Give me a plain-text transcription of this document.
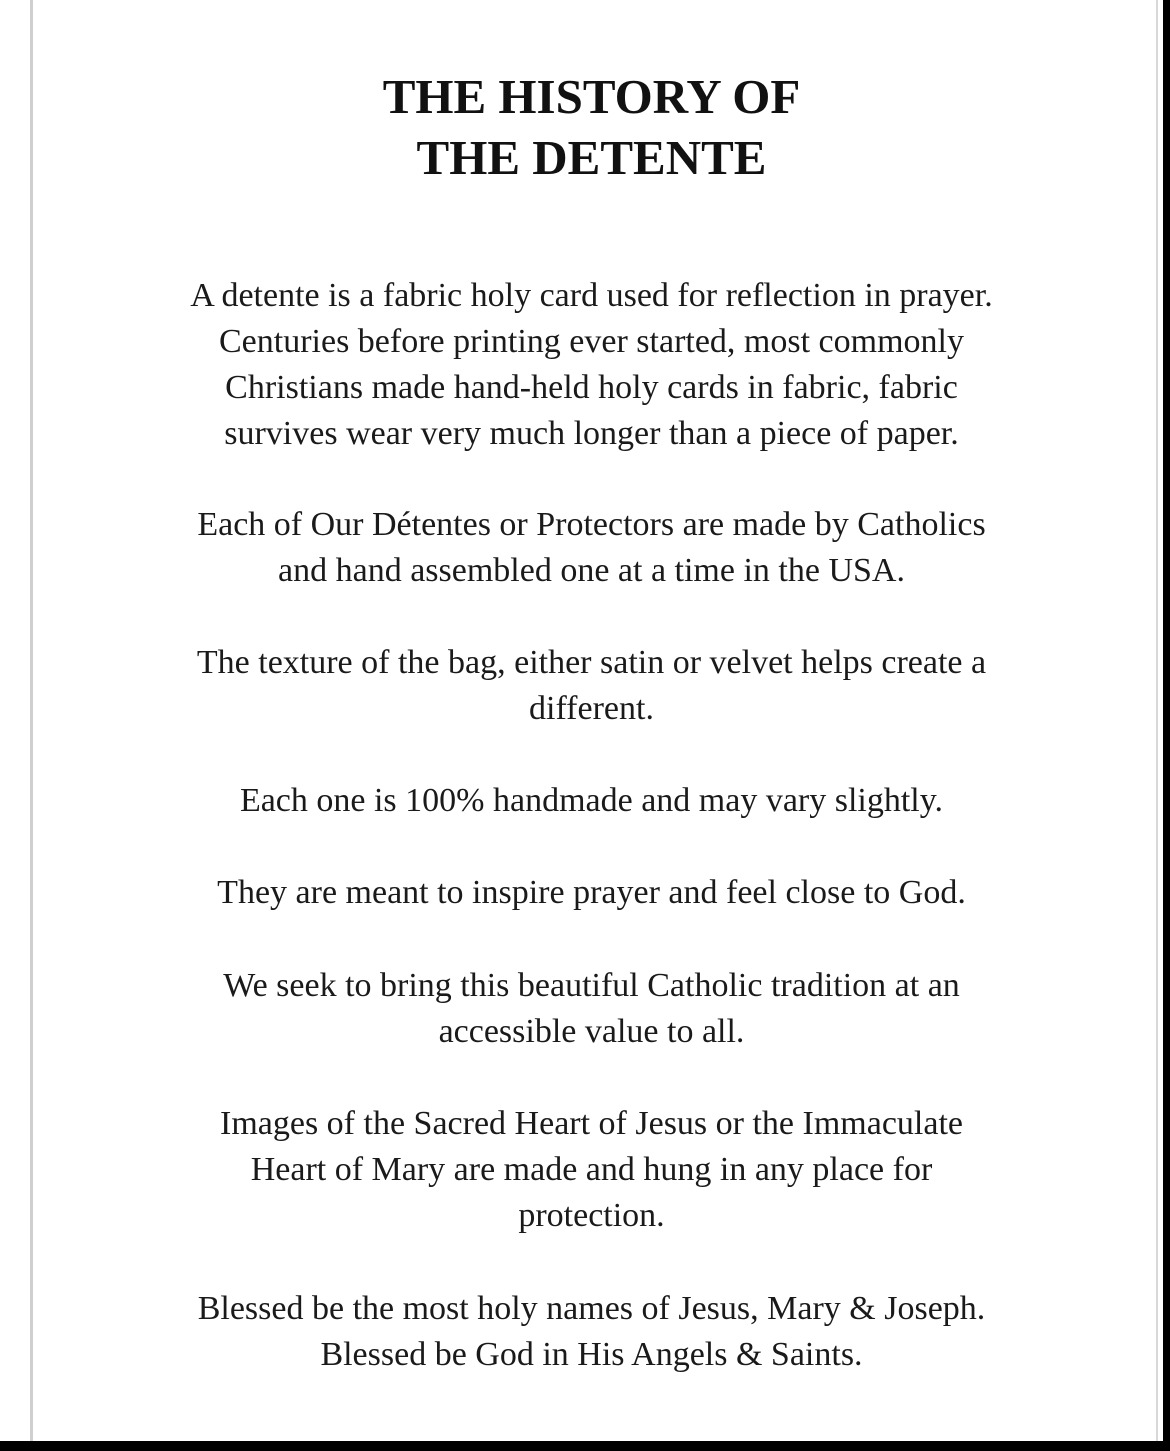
THE HISTORY OF
THE DETENTE

A detente is a fabric holy card used for reflection in prayer.
Centuries before printing ever started, most commonly
Christians made hand-held holy cards in fabric, fabric
survives wear very much longer than a piece of paper.

Each of Our Détentes or Protectors are made by Catholics
and hand assembled one at a time in the USA.

The texture of the bag, either satin or velvet helps create a
different.

Each one is 100% handmade and may vary slightly.

They are meant to inspire prayer and feel close to God.

We seek to bring this beautiful Catholic tradition at an
accessible value to all.

Images of the Sacred Heart of Jesus or the Immaculate
Heart of Mary are made and hung in any place for
protection.

Blessed be the most holy names of Jesus, Mary & Joseph.
Blessed be God in His Angels & Saints.
